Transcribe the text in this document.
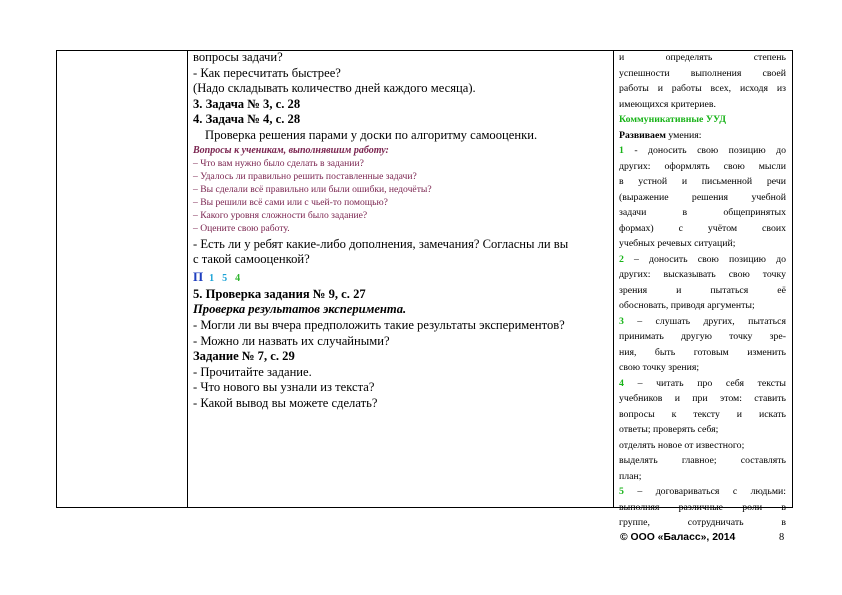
вопросы задачи?
- Как пересчитать быстрее?
(Надо складывать количество дней каждого месяца).
3. Задача № 3, с. 28
4. Задача № 4, с. 28
Проверка решения парами у доски по алгоритму самооценки.
Вопросы к ученикам, выполнявшим работу:
– Что вам нужно было сделать в задании?
– Удалось ли правильно решить поставленные задачи?
– Вы сделали всё правильно или были ошибки, недочёты?
– Вы решили всё сами или с чьей-то помощью?
– Какого уровня сложности было задание?
– Оцените свою работу.
- Есть ли у ребят какие-либо дополнения, замечания? Согласны ли вы
с такой самооценкой?
П 1 5 4
5. Проверка задания № 9, с. 27
Проверка результатов эксперимента.
- Могли ли вы вчера предположить такие результаты экспериментов?
- Можно ли назвать их случайными?
Задание № 7, с. 29
- Прочитайте задание.
- Что нового вы узнали из текста?
- Какой вывод вы можете сделать?
и определять степень
успешности выполнения своей
работы и работы всех, исходя из
имеющихся критериев.
Коммуникативные УУД
Развиваем умения:
1 - доносить свою позицию до
других: оформлять свою мысли
в устной и письменной речи
(выражение решения учебной
задачи в общепринятых
формах) с учётом своих
учебных речевых ситуаций;
2 – доносить свою позицию до
других: высказывать свою точку
зрения и пытаться её
обосновать, приводя аргументы;
3 – слушать других, пытаться
принимать другую точку зре-
ния, быть готовым изменить
свою точку зрения;
4 – читать про себя тексты
учебников и при этом: ставить
вопросы к тексту и искать
ответы; проверять себя;
отделять новое от известного;
выделять главное; составлять
план;
5 – договариваться с людьми:
выполняя различные роли в
группе, сотрудничать в
© ООО «Баласс», 2014	8
